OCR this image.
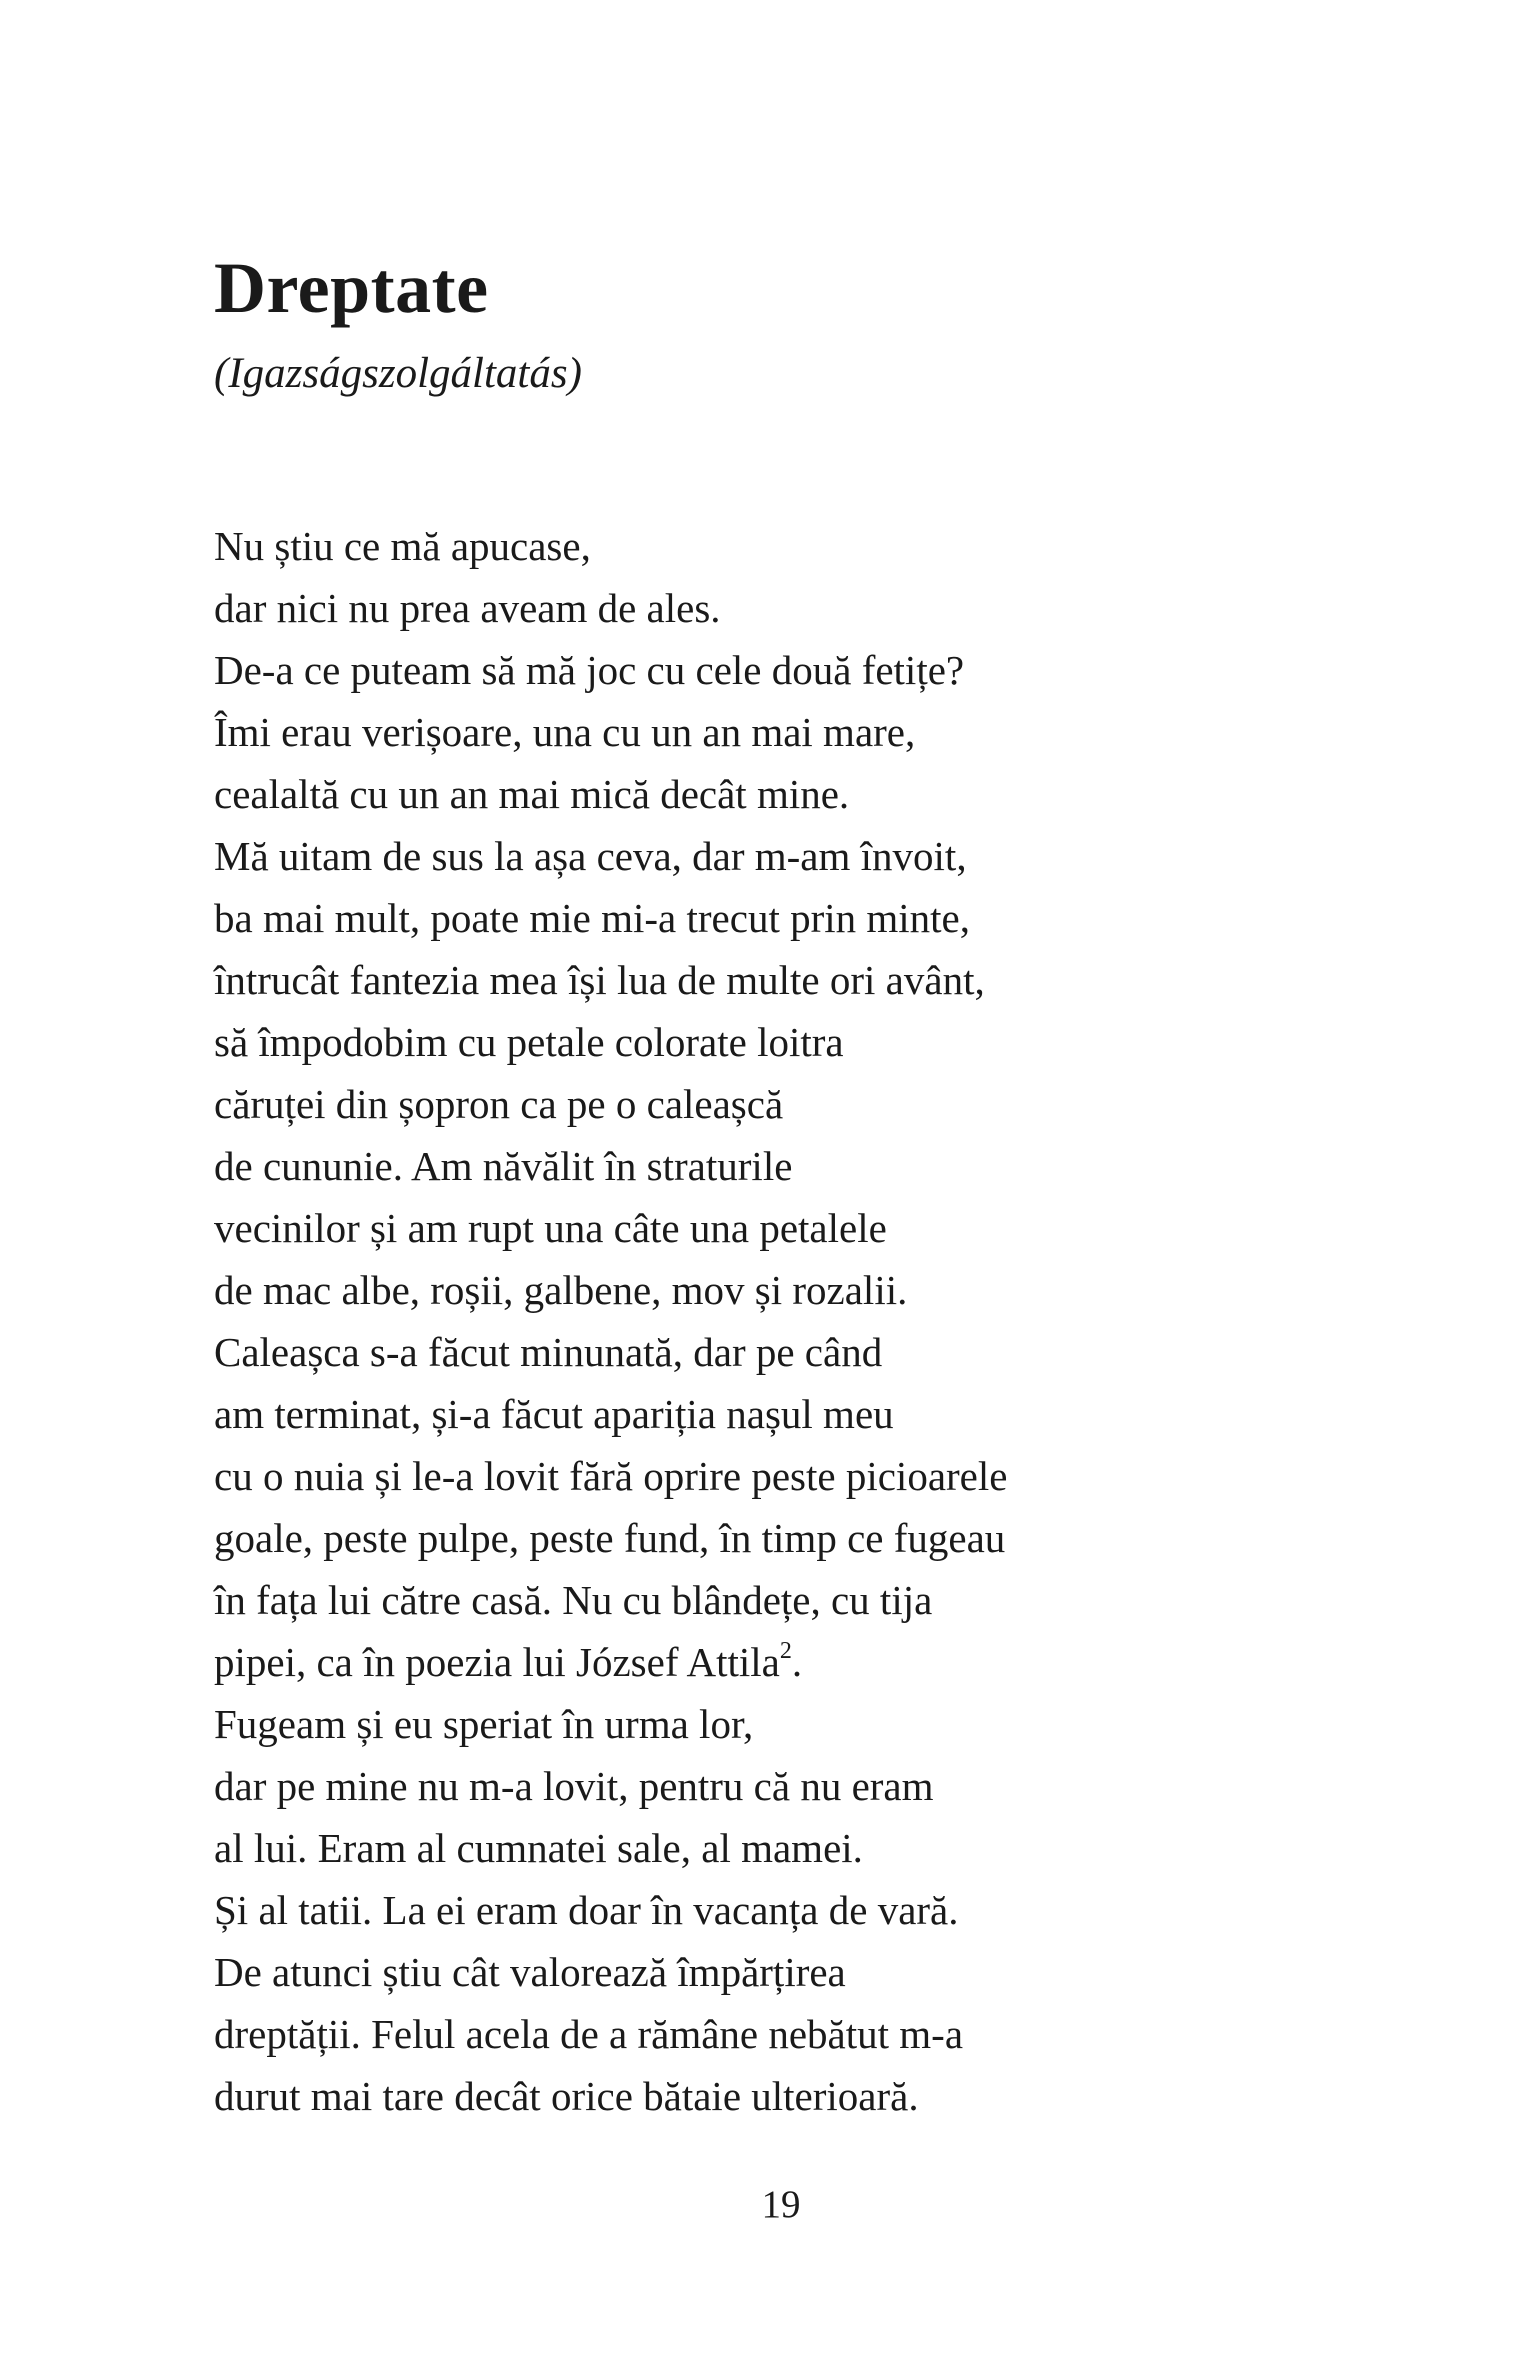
Dreptate

(Igazságszolgáltatás)

Nu știu ce mă apucase,
dar nici nu prea aveam de ales.
De-a ce puteam să mă joc cu cele două fetițe?
Îmi erau verișoare, una cu un an mai mare,
cealaltă cu un an mai mică decât mine.
Mă uitam de sus la așa ceva, dar m-am învoit,
ba mai mult, poate mie mi-a trecut prin minte,
întrucât fantezia mea își lua de multe ori avânt,
să împodobim cu petale colorate loitra
căruței din șopron ca pe o caleașcă
de cununie. Am năvălit în straturile
vecinilor și am rupt una câte una petalele
de mac albe, roșii, galbene, mov și rozalii.
Caleașca s-a făcut minunată, dar pe când
am terminat, și-a făcut apariția nașul meu
cu o nuia și le-a lovit fără oprire peste picioarele
goale, peste pulpe, peste fund, în timp ce fugeau
în fața lui către casă. Nu cu blândețe, cu tija
pipei, ca în poezia lui József Attila$^2$.
Fugeam și eu speriat în urma lor,
dar pe mine nu m-a lovit, pentru că nu eram
al lui. Eram al cumnatei sale, al mamei.
Și al tatii. La ei eram doar în vacanța de vară.
De atunci știu cât valorează împărțirea
dreptății. Felul acela de a rămâne nebătut m-a
durut mai tare decât orice bătaie ulterioară.
19
